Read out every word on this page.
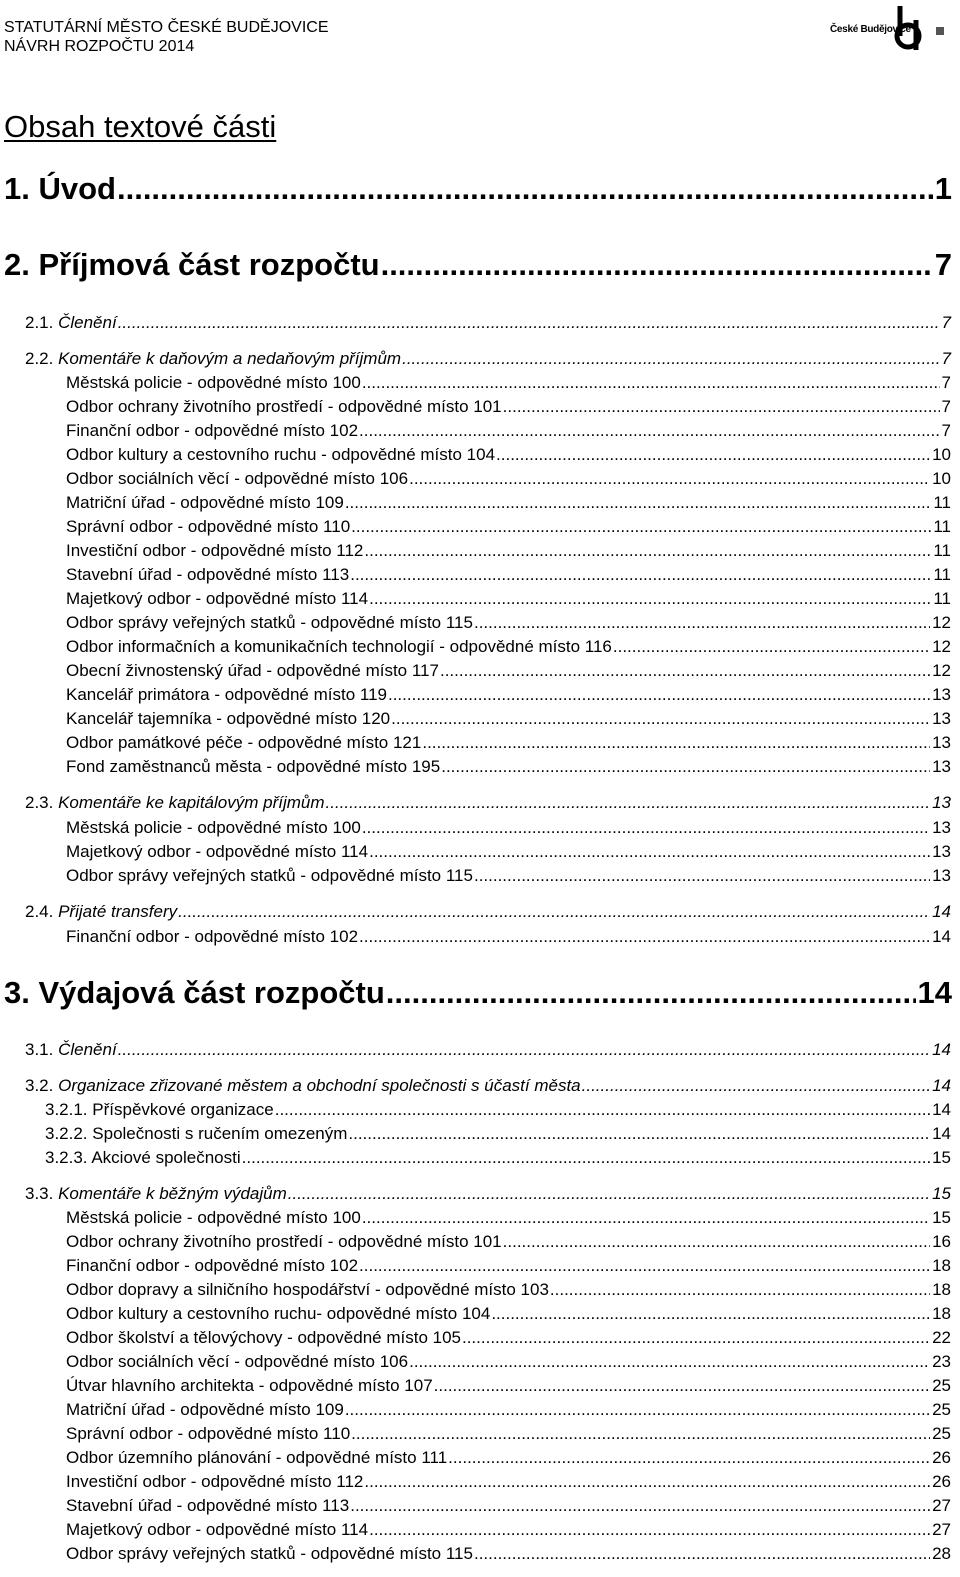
STATUTÁRNÍ MĚSTO ČESKÉ BUDĚJOVICE
NÁVRH ROZPOČTU 2014
České Budějovice
Obsah textové části
1. Úvod .....	1
2. Příjmová část rozpočtu .....	7
2.1. Členění .....	7
2.2. Komentáře k daňovým a nedaňovým příjmům .....	7
Městská policie - odpovědné místo 100 .....	7
Odbor ochrany životního prostředí - odpovědné místo 101 .....	7
Finanční odbor - odpovědné místo 102 .....	7
Odbor kultury a cestovního ruchu - odpovědné místo 104 .....	10
Odbor sociálních věcí - odpovědné místo 106 .....	10
Matriční úřad - odpovědné místo 109 .....	11
Správní odbor - odpovědné místo 110 .....	11
Investiční odbor - odpovědné místo 112 .....	11
Stavební úřad - odpovědné místo 113 .....	11
Majetkový odbor - odpovědné místo 114 .....	11
Odbor správy veřejných statků - odpovědné místo 115 .....	12
Odbor informačních a komunikačních technologií - odpovědné místo 116 .....	12
Obecní živnostenský úřad - odpovědné místo 117 .....	12
Kancelář primátora - odpovědné místo 119 .....	13
Kancelář tajemníka - odpovědné místo 120 .....	13
Odbor památkové péče - odpovědné místo 121 .....	13
Fond zaměstnanců města - odpovědné místo 195 .....	13
2.3. Komentáře ke kapitálovým příjmům .....	13
Městská policie - odpovědné místo 100 .....	13
Majetkový odbor - odpovědné místo 114 .....	13
Odbor správy veřejných statků - odpovědné místo 115 .....	13
2.4. Přijaté transfery .....	14
Finanční odbor - odpovědné místo 102 .....	14
3. Výdajová část rozpočtu .....	14
3.1. Členění .....	14
3.2. Organizace zřizované městem a obchodní společnosti s účastí města .....	14
3.2.1. Příspěvkové organizace .....	14
3.2.2. Společnosti s ručením omezeným .....	14
3.2.3. Akciové společnosti .....	15
3.3. Komentáře k běžným výdajům .....	15
Městská policie - odpovědné místo 100 .....	15
Odbor ochrany životního prostředí - odpovědné místo 101 .....	16
Finanční odbor - odpovědné místo 102 .....	18
Odbor dopravy a silničního hospodářství - odpovědné místo 103 .....	18
Odbor kultury a cestovního ruchu- odpovědné místo 104 .....	18
Odbor školství a tělovýchovy - odpovědné místo 105 .....	22
Odbor sociálních věcí - odpovědné místo 106 .....	23
Útvar hlavního architekta - odpovědné místo 107 .....	25
Matriční úřad - odpovědné místo 109 .....	25
Správní odbor - odpovědné místo 110 .....	25
Odbor územního plánování - odpovědné místo 111 .....	26
Investiční odbor - odpovědné místo 112 .....	26
Stavební úřad - odpovědné místo 113 .....	27
Majetkový odbor - odpovědné místo 114 .....	27
Odbor správy veřejných statků - odpovědné místo 115 .....	28
